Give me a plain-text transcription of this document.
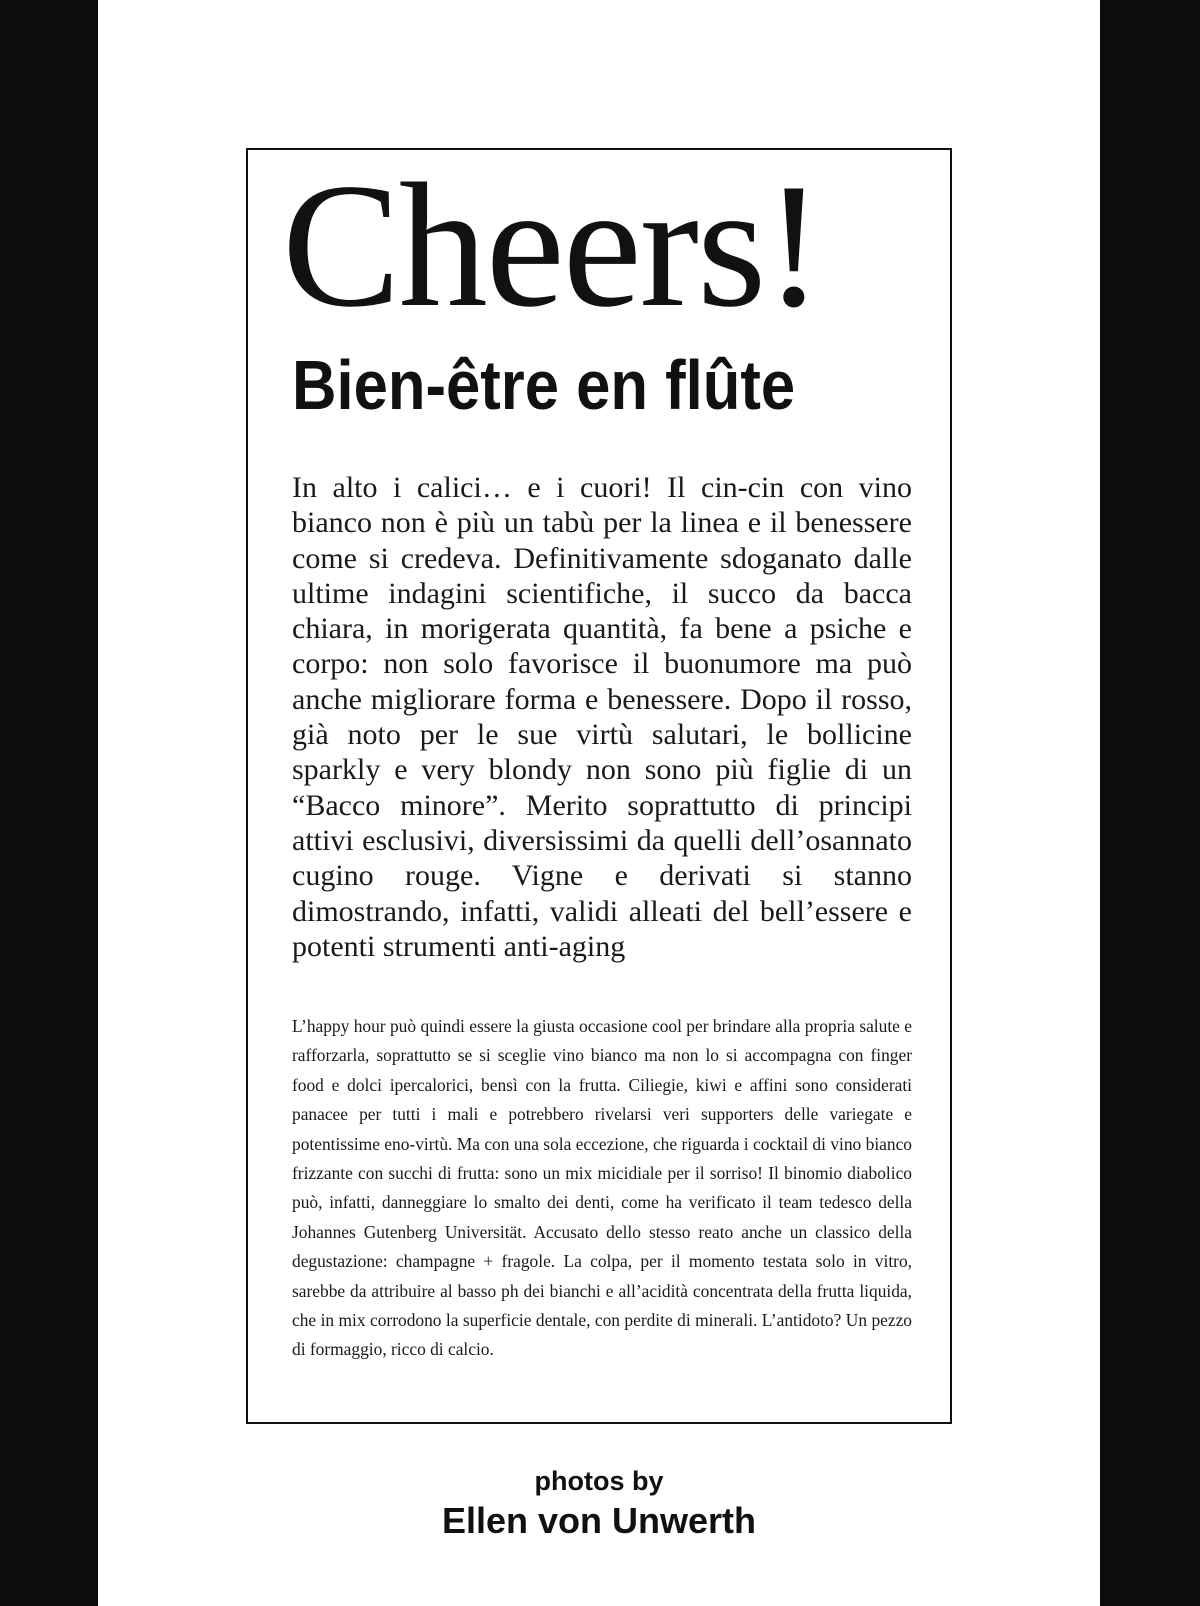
Cheers!
Bien-être en flûte

In alto i calici… e i cuori! Il cin-cin con vino bianco non è più un tabù per la linea e il benessere come si credeva. Definitivamente sdoganato dalle ultime indagini scientifiche, il succo da bacca chiara, in morigerata quantità, fa bene a psiche e corpo: non solo favorisce il buonumore ma può anche migliorare forma e benessere. Dopo il rosso, già noto per le sue virtù salutari, le bollicine sparkly e very blondy non sono più figlie di un “Bacco minore”. Merito soprattutto di principi attivi esclusivi, diversissimi da quelli dell’osannato cugino rouge. Vigne e derivati si stanno dimostrando, infatti, validi alleati del bell’essere e potenti strumenti anti-aging

L’happy hour può quindi essere la giusta occasione cool per brindare alla propria salute e rafforzarla, soprattutto se si sceglie vino bianco ma non lo si accompagna con finger food e dolci ipercalorici, bensì con la frutta. Ciliegie, kiwi e affini sono considerati panacee per tutti i mali e potrebbero rivelarsi veri supporters delle variegate e potentissime eno-virtù. Ma con una sola eccezione, che riguarda i cocktail di vino bianco frizzante con succhi di frutta: sono un mix micidiale per il sorriso! Il binomio diabolico può, infatti, danneggiare lo smalto dei denti, come ha verificato il team tedesco della Johannes Gutenberg Universität. Accusato dello stesso reato anche un classico della degustazione: champagne + fragole. La colpa, per il momento testata solo in vitro, sarebbe da attribuire al basso ph dei bianchi e all’acidità concentrata della frutta liquida, che in mix corrodono la superficie dentale, con perdite di minerali. L’antidoto? Un pezzo di formaggio, ricco di calcio.

photos by

Ellen von Unwerth
